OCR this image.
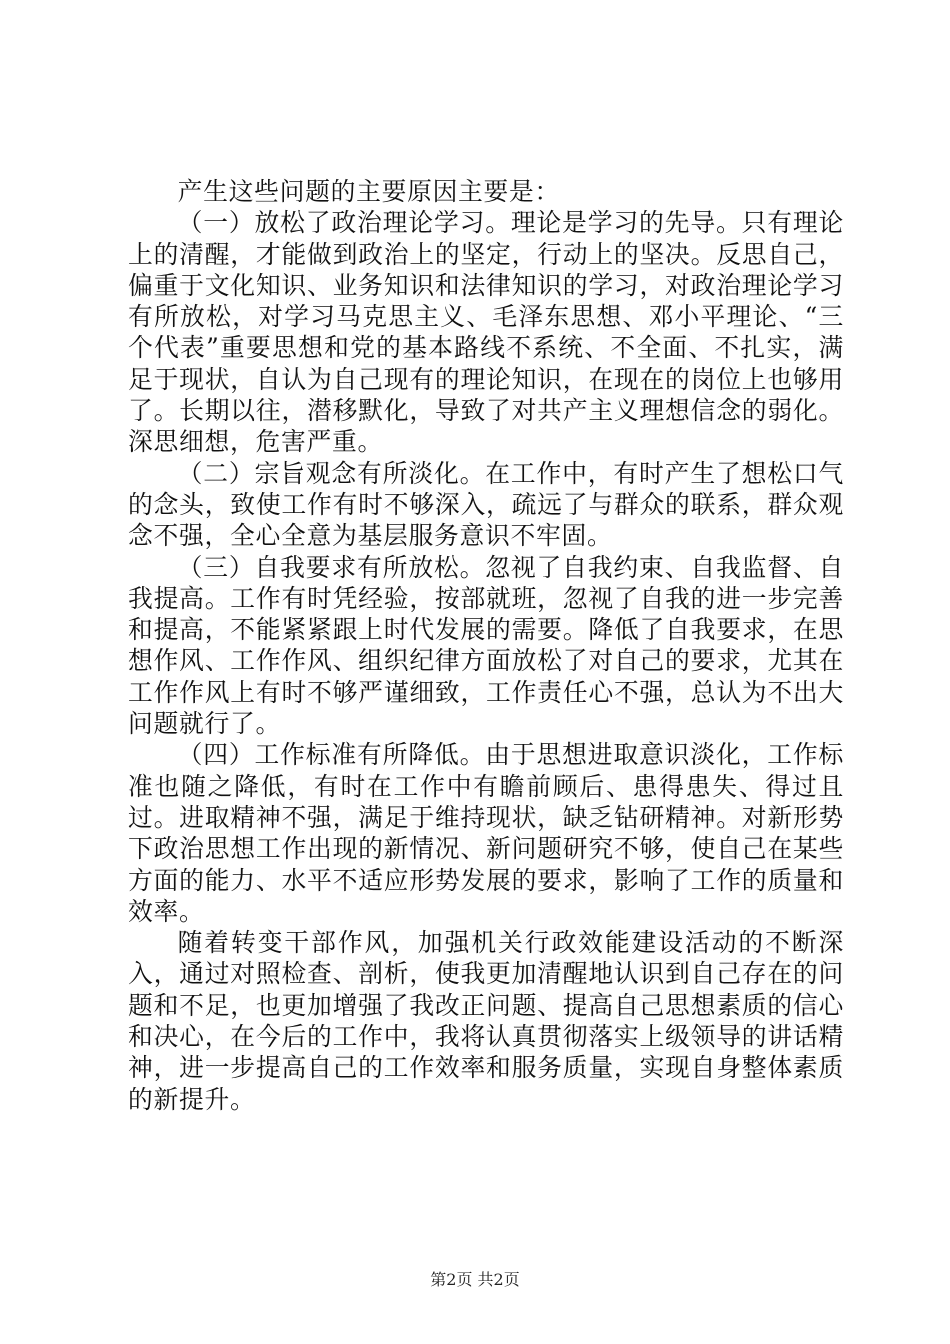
产生这些问题的主要原因主要是：

（一）放松了政治理论学习。理论是学习的先导。只有理论上的清醒，才能做到政治上的坚定，行动上的坚决。反思自己，偏重于文化知识、业务知识和法律知识的学习，对政治理论学习有所放松，对学习马克思主义、毛泽东思想、邓小平理论、“三个代表”重要思想和党的基本路线不系统、不全面、不扎实，满足于现状，自认为自己现有的理论知识，在现在的岗位上也够用了。长期以往，潜移默化，导致了对共产主义理想信念的弱化。深思细想，危害严重。

（二）宗旨观念有所淡化。在工作中，有时产生了想松口气的念头，致使工作有时不够深入，疏远了与群众的联系，群众观念不强，全心全意为基层服务意识不牢固。

（三）自我要求有所放松。忽视了自我约束、自我监督、自我提高。工作有时凭经验，按部就班，忽视了自我的进一步完善和提高，不能紧紧跟上时代发展的需要。降低了自我要求，在思想作风、工作作风、组织纪律方面放松了对自己的要求，尤其在工作作风上有时不够严谨细致，工作责任心不强，总认为不出大问题就行了。

（四）工作标准有所降低。由于思想进取意识淡化，工作标准也随之降低，有时在工作中有瞻前顾后、患得患失、得过且过。进取精神不强，满足于维持现状，缺乏钻研精神。对新形势下政治思想工作出现的新情况、新问题研究不够，使自己在某些方面的能力、水平不适应形势发展的要求，影响了工作的质量和效率。

随着转变干部作风，加强机关行政效能建设活动的不断深入，通过对照检查、剖析，使我更加清醒地认识到自己存在的问题和不足，也更加增强了我改正问题、提高自己思想素质的信心和决心，在今后的工作中，我将认真贯彻落实上级领导的讲话精神，进一步提高自己的工作效率和服务质量，实现自身整体素质的新提升。

第2页 共2页
